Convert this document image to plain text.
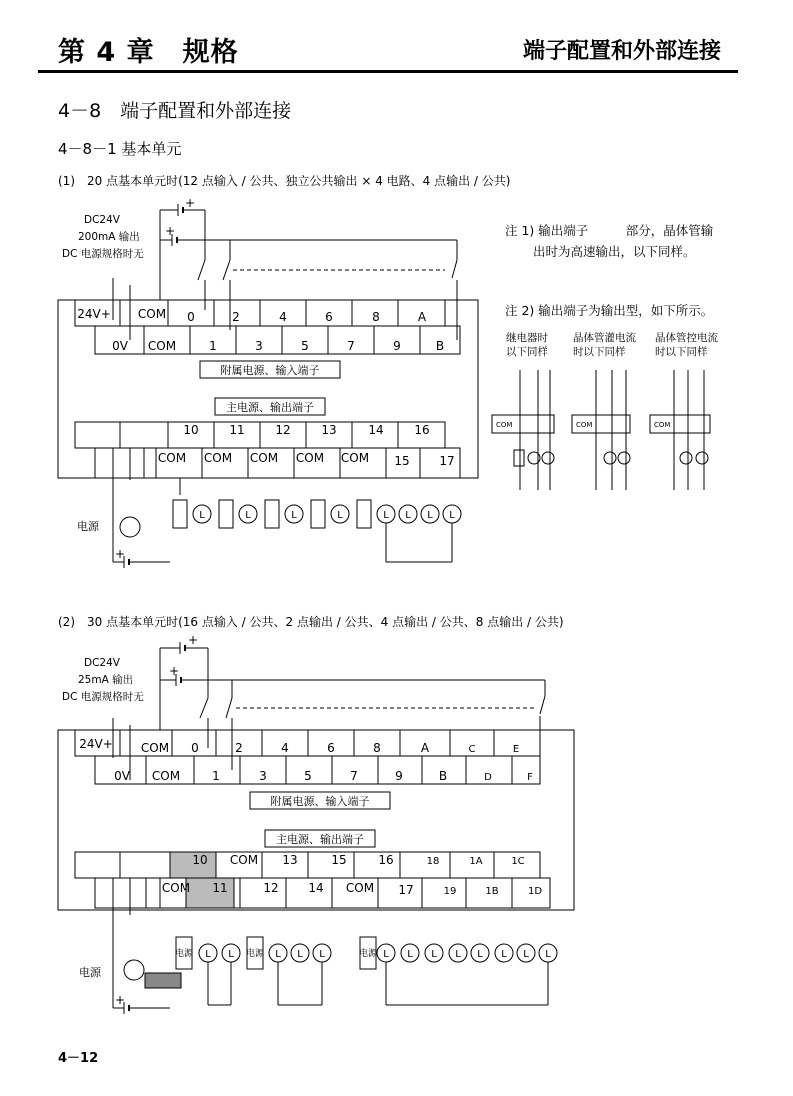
第 4 章　规格	端子配置和外部连接
4－8　端子配置和外部连接
4－8－1 基本单元
(1)　20 点基本单元时(12 点输入 / 公共、独立公共输出 × 4 电路、4 点输出 / 公共)
DC24V
200mA 输出
DC 电源规格时无
注 1) 输出端子　　　部分，晶体管输
出时为高速输出，以下同样。
注 2) 输出端子为输出型，如下所示。
继电器时
以下同样
晶体管灌电流
时以下同样
晶体管控电流
时以下同样
24V+ COM 0	2	4	6	8	A
0V COM	1	3	5	7	9	B
附属电源、输入端子
主电源、输出端子
10	11	12	13	14	16
COM COM COM COM COM 15 17
L	L	L	L	L L L L
电源
+
+
+
COM	COM	COM
(2)　30 点基本单元时(16 点输入 / 公共、2 点输出 / 公共、4 点输出 / 公共、8 点输出 / 公共)
DC24V
25mA 输出
DC 电源规格时无
24V+ COM 0	2	4	6	8	A	C	E
0V COM	1	3	5	7	9	B	D	F
附属电源、输入端子
主电源、输出端子
10 COM 13	15	16	18	1A	1C
COM 11	12 14 COM 17	19	1B	1D
电源	电源	电源
L L	L L L	L L L L L L L L
电源
+
+
+
4－12
